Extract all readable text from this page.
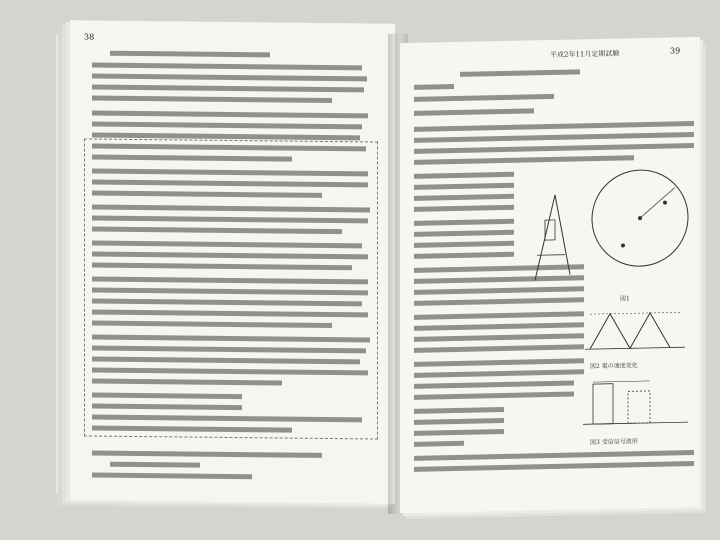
38
平成2年11月定期試験	39
図1
図2 電の速度変化
図3 受信信号波形
